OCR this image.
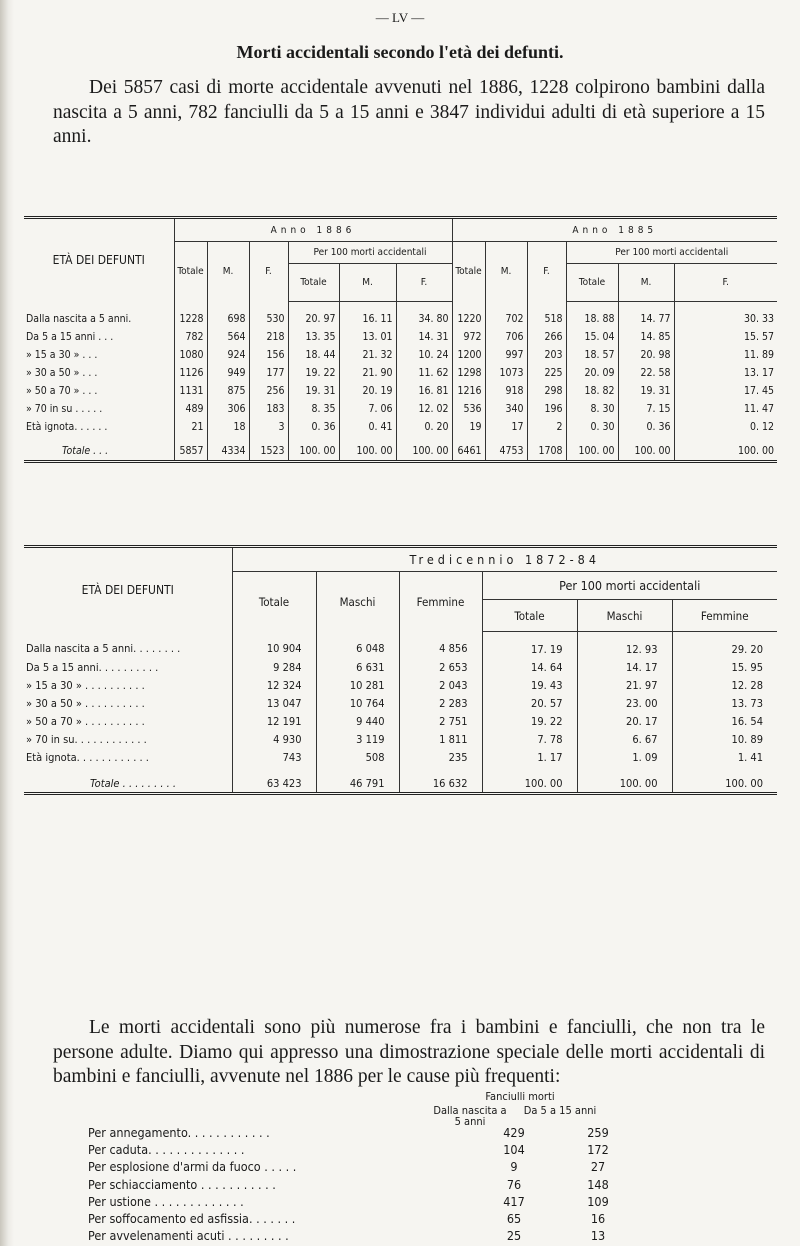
— LV —
Morti accidentali secondo l'età dei defunti.

Dei 5857 casi di morte accidentale avvenuti nel 1886, 1228 colpirono bambini dalla nascita a 5 anni, 782 fanciulli da 5 a 15 anni e 3847 individui adulti di età superiore a 15 anni.

ETÀ DEI DEFUNTI	Anno 1886						Anno 1885					
	Totale	M.	F.	Per 100 morti accidentali			Totale	M.	F.	Per 100 morti accidentali		
				Totale	M.	F.				Totale	M.	F.
Dalla nascita a 5 anni.	1228	698	530	20. 97	16. 11	34. 80	1220	702	518	18. 88	14. 77	30. 33
Da 5 a 15 anni . . .	782	564	218	13. 35	13. 01	14. 31	972	706	266	15. 04	14. 85	15. 57
» 15 a 30 » . . .	1080	924	156	18. 44	21. 32	10. 24	1200	997	203	18. 57	20. 98	11. 89
» 30 a 50 » . . .	1126	949	177	19. 22	21. 90	11. 62	1298	1073	225	20. 09	22. 58	13. 17
» 50 a 70 » . . .	1131	875	256	19. 31	20. 19	16. 81	1216	918	298	18. 82	19. 31	17. 45
» 70 in su . . . . .	489	306	183	8. 35	7. 06	12. 02	536	340	196	8. 30	7. 15	11. 47
Età ignota. . . . . .	21	18	3	0. 36	0. 41	0. 20	19	17	2	0. 30	0. 36	0. 12
Totale . . .	5857	4334	1523	100. 00	100. 00	100. 00	6461	4753	1708	100. 00	100. 00	100. 00
ETÀ DEI DEFUNTI	Tredicennio 1872-84					
	Totale	Maschi	Femmine	Per 100 morti accidentali		
				Totale	Maschi	Femmine
Dalla nascita a 5 anni. . . . . . . .	10 904	6 048	4 856	17. 19	12. 93	29. 20
Da 5 a 15 anni. . . . . . . . . .	9 284	6 631	2 653	14. 64	14. 17	15. 95
» 15 a 30 » . . . . . . . . . .	12 324	10 281	2 043	19. 43	21. 97	12. 28
» 30 a 50 » . . . . . . . . . .	13 047	10 764	2 283	20. 57	23. 00	13. 73
» 50 a 70 » . . . . . . . . . .	12 191	9 440	2 751	19. 22	20. 17	16. 54
» 70 in su. . . . . . . . . . . .	4 930	3 119	1 811	7. 78	6. 67	10. 89
Età ignota. . . . . . . . . . . .	743	508	235	1. 17	1. 09	1. 41
Totale . . . . . . . . .	63 423	46 791	16 632	100. 00	100. 00	100. 00

Le morti accidentali sono più numerose fra i bambini e fanciulli, che non tra le persone adulte. Diamo qui appresso una dimostrazione speciale delle morti accidentali di bambini e fanciulli, avvenute nel 1886 per le cause più frequenti:

Fanciulli morti
Dalla nascita a 5 anni
Da 5 a 15 anni
Per annegamento. . . . . . . . . . . .	429	259
Per caduta. . . . . . . . . . . . . .	104	172
Per esplosione d'armi da fuoco . . . . .	9	27
Per schiacciamento . . . . . . . . . . .	76	148
Per ustione . . . . . . . . . . . . .	417	109
Per soffocamento ed asfissia. . . . . . .	65	16
Per avvelenamenti acuti . . . . . . . . .	25	13
